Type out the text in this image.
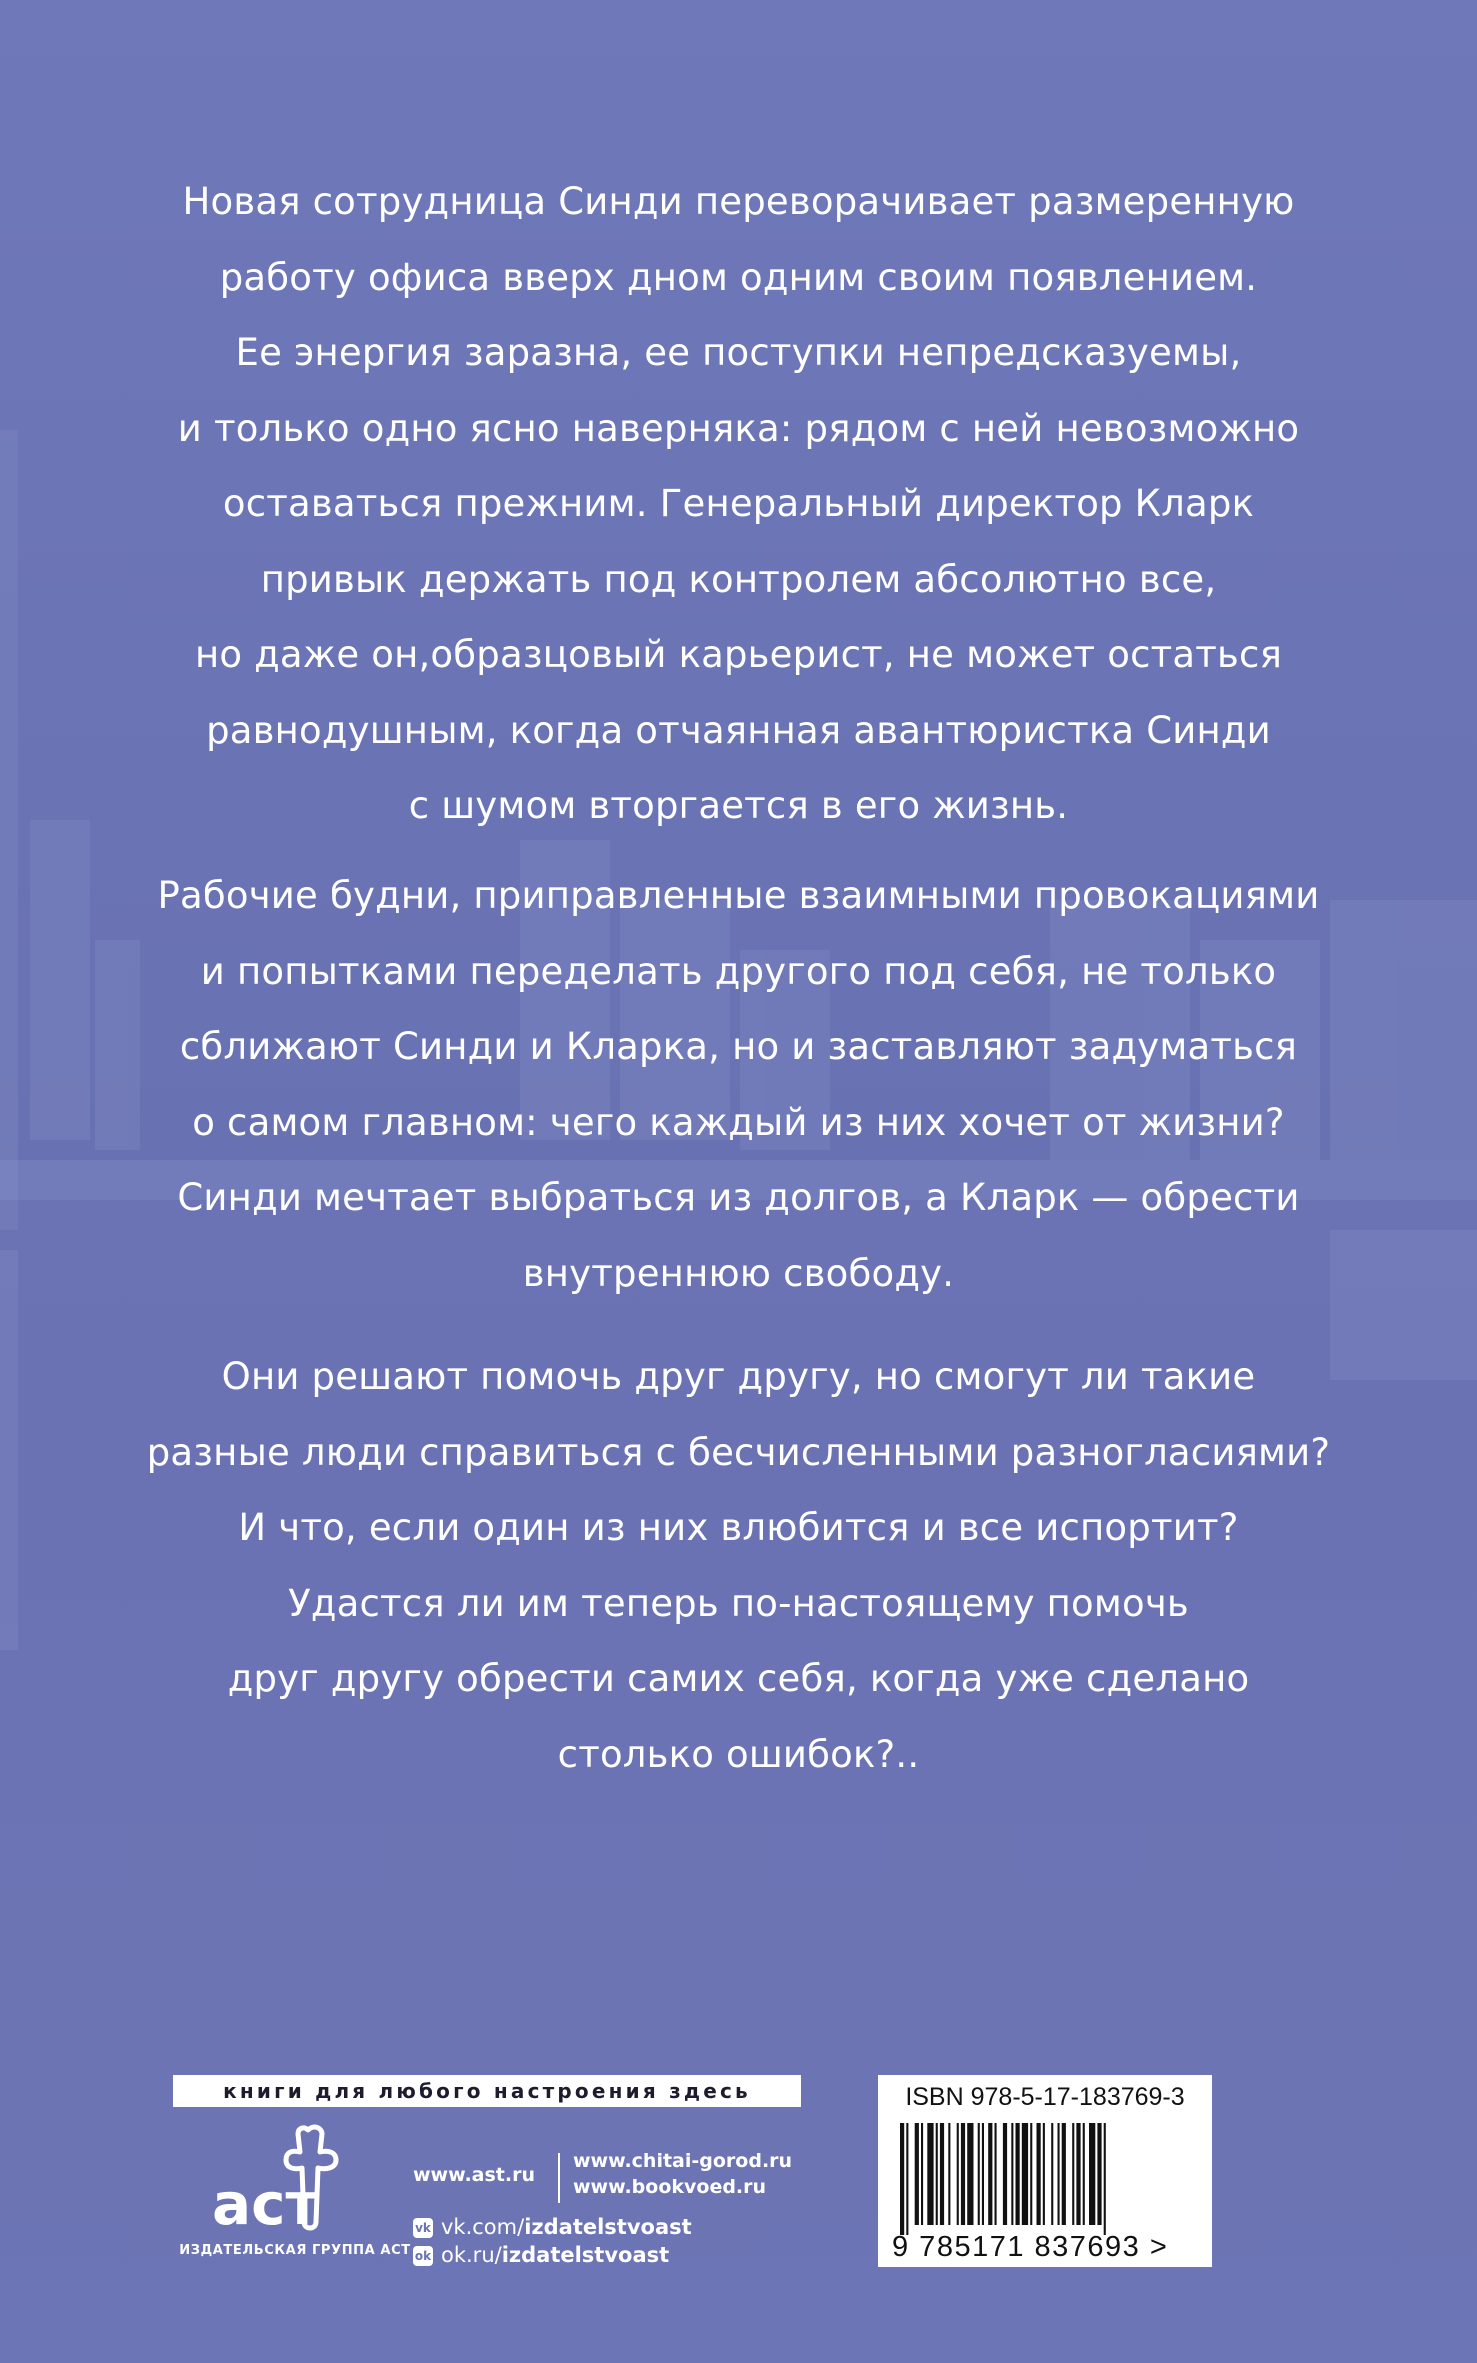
Новая сотрудница Синди переворачивает размеренную
работу офиса вверх дном одним своим появлением.
Ее энергия заразна, ее поступки непредсказуемы,
и только одно ясно наверняка: рядом с ней невозможно
оставаться прежним. Генеральный директор Кларк
привык держать под контролем абсолютно все,
но даже он,образцовый карьерист, не может остаться
равнодушным, когда отчаянная авантюристка Синди
с шумом вторгается в его жизнь.
Рабочие будни, приправленные взаимными провокациями
и попытками переделать другого под себя, не только
сближают Синди и Кларка, но и заставляют задуматься
о самом главном: чего каждый из них хочет от жизни?
Синди мечтает выбраться из долгов, а Кларк — обрести
внутреннюю свободу.
Они решают помочь друг другу, но смогут ли такие
разные люди справиться с бесчисленными разногласиями?
И что, если один из них влюбится и все испортит?
Удастся ли им теперь по-настоящему помочь
друг другу обрести самих себя, когда уже сделано
столько ошибок?..
книги для любого настроения здесь
аст
ИЗДАТЕЛЬСКАЯ ГРУППА АСТ
www.ast.ru
www.chitai-gorod.ru
www.bookvoed.ru
vk vk.com/izdatelstvoast
ok ok.ru/izdatelstvoast
ISBN 978-5-17-183769-3
9 785171 837693 >
